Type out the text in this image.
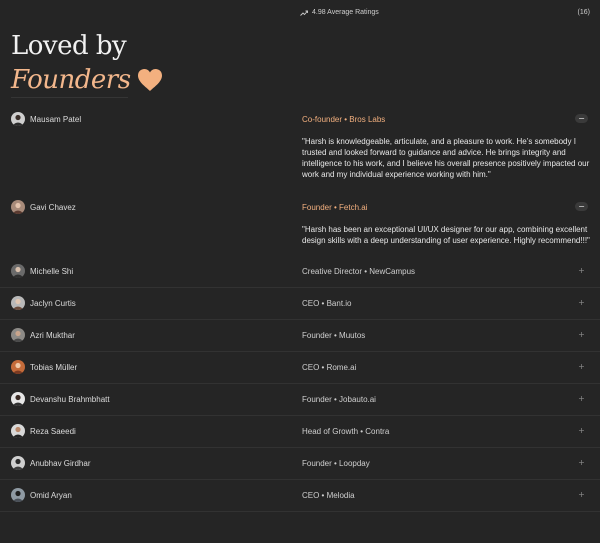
Loved by
Founders
4.98 Average Ratings	(16)
Mausam Patel	Co-founder • Bros Labs	−
"Harsh is knowledgeable, articulate, and a pleasure to work. He’s somebody I trusted and looked forward to guidance and advice. He brings integrity and intelligence to his work, and I believe his overall presence positively impacted our work and my individual experience working with him."
Gavi Chavez	Founder • Fetch.ai	−
"Harsh has been an exceptional UI/UX designer for our app, combining excellent design skills with a deep understanding of user experience. Highly recommend!!!"
Michelle Shi	Creative Director • NewCampus	+
Jaclyn Curtis	CEO • Bant.io	+
Azri Mukthar	Founder • Muutos	+
Tobias Müller	CEO • Rome.ai	+
Devanshu Brahmbhatt	Founder • Jobauto.ai	+
Reza Saeedi	Head of Growth • Contra	+
Anubhav Girdhar	Founder • Loopday	+
Omid Aryan	CEO • Melodia	+
